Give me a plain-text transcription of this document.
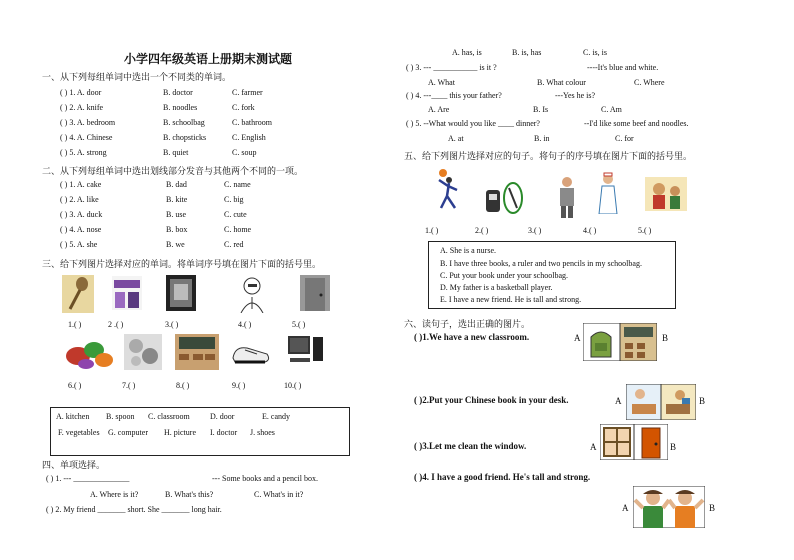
小学四年级英语上册期末测试题
一、从下列每组单词中选出一个不同类的单词。
( ) 1. A. door	B. doctor	C. farmer
( ) 2. A. knife	B. noodles	C. fork
( ) 3. A. bedroom	B. schoolbag	C. bathroom
( ) 4. A. Chinese	B. chopsticks	C. English
( ) 5. A. strong	B. quiet	C. soup
二、从下列每组单词中选出划线部分发音与其他两个不同的一项。
( ) 1. A. cake	B. dad	C. name
( ) 2. A. like	B. kite	C. big
( ) 3. A. duck	B. use	C. cute
( ) 4. A. nose	B. box	C. home
( ) 5. A. she	B. we	C. red
三、给下列图片选择对应的单词。将单词序号填在图片下面的括号里。
1.( )	2 .( )	3.( )	4.( )	5.( )
6.( )	7.( )	8.( )	9.( )	10.( )
A. kitchen B. spoon C. classroom	D. door	E. candy
F. vegetables G. computer H. picture I. doctor J. shoes
四、单项选择。
( ) 1. --- ______________	--- Some books and a pencil box.
A. Where is it?	B. What's this?	C. What's in it?
( ) 2. My friend _______ short. She _______ long hair.
A. has, is	B. is, has	C. is, is
( ) 3. --- ___________ is it ?	----It's blue and white.
A. What	B. What colour	C. Where
( ) 4. ---____ this your father?	---Yes he is?
A. Are	B. Is	C. Am
( ) 5. --What would you like ____ dinner?	--I'd like some beef and noodles.
A. at	B. in	C. for
五、给下列图片选择对应的句子。将句子的序号填在图片下面的括号里。
1.( )	2.( )	3.( )	4.( )	5.( )
A. She is a nurse.
B. I have three books, a ruler and two pencils in my schoolbag.
C. Put your book under your schoolbag.
D. My father is a basketball player.
E. I have a new friend. He is tall and strong.
六、读句子，选出正确的图片。
( )1.We have a new classroom.	A	B
( )2.Put your Chinese book in your desk.	A	B
( )3.Let me clean the window.	A	B
( )4. I have a good friend. He's tall and strong.
A	B
